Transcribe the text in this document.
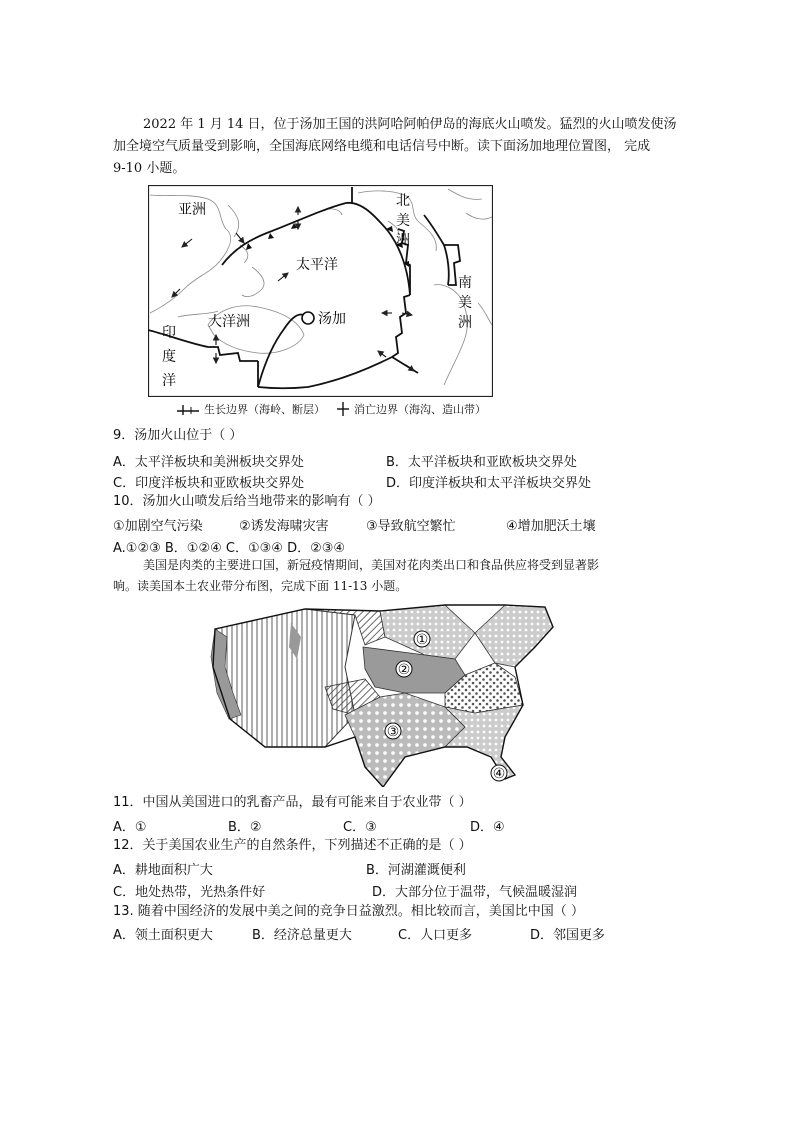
2022 年 1 月 14 日，位于汤加王国的洪阿哈阿帕伊岛的海底火山喷发。猛烈的火山喷发使汤
加全境空气质量受到影响，全国海底网络电缆和电话信号中断。读下面汤加地理位置图， 完成
9-10 小题。
亚洲
太平洋
大洋洲	汤加
北
美
洲
南
美
洲
印
度
洋
生长边界（海岭、断层）	消亡边界（海沟、造山带）
9．汤加火山位于（ ）
A．太平洋板块和美洲板块交界处	B．太平洋板块和亚欧板块交界处
C．印度洋板块和亚欧板块交界处	D．印度洋板块和太平洋板块交界处
10．汤加火山喷发后给当地带来的影响有（ ）
①加剧空气污染	②诱发海啸灾害	③导致航空繁忙	④增加肥沃土壤
A.①②③ B．①②④ C．①③④ D．②③④
美国是肉类的主要进口国，新冠疫情期间，美国对花肉类出口和食品供应将受到显著影
响。读美国本土农业带分布图，完成下面 11-13 小题。
①
②
③
④
11．中国从美国进口的乳畜产品，最有可能来自于农业带（ ）
A．①	B．②	C．③	D．④
12．关于美国农业生产的自然条件，下列描述不正确的是（ ）
A．耕地面积广大	B．河湖灌溉便利
C．地处热带，光热条件好	D．大部分位于温带，气候温暖湿润
13. 随着中国经济的发展中美之间的竞争日益激烈。相比较而言，美国比中国（ ）
A．领土面积更大	B．经济总量更大	C．人口更多	D．邻国更多
